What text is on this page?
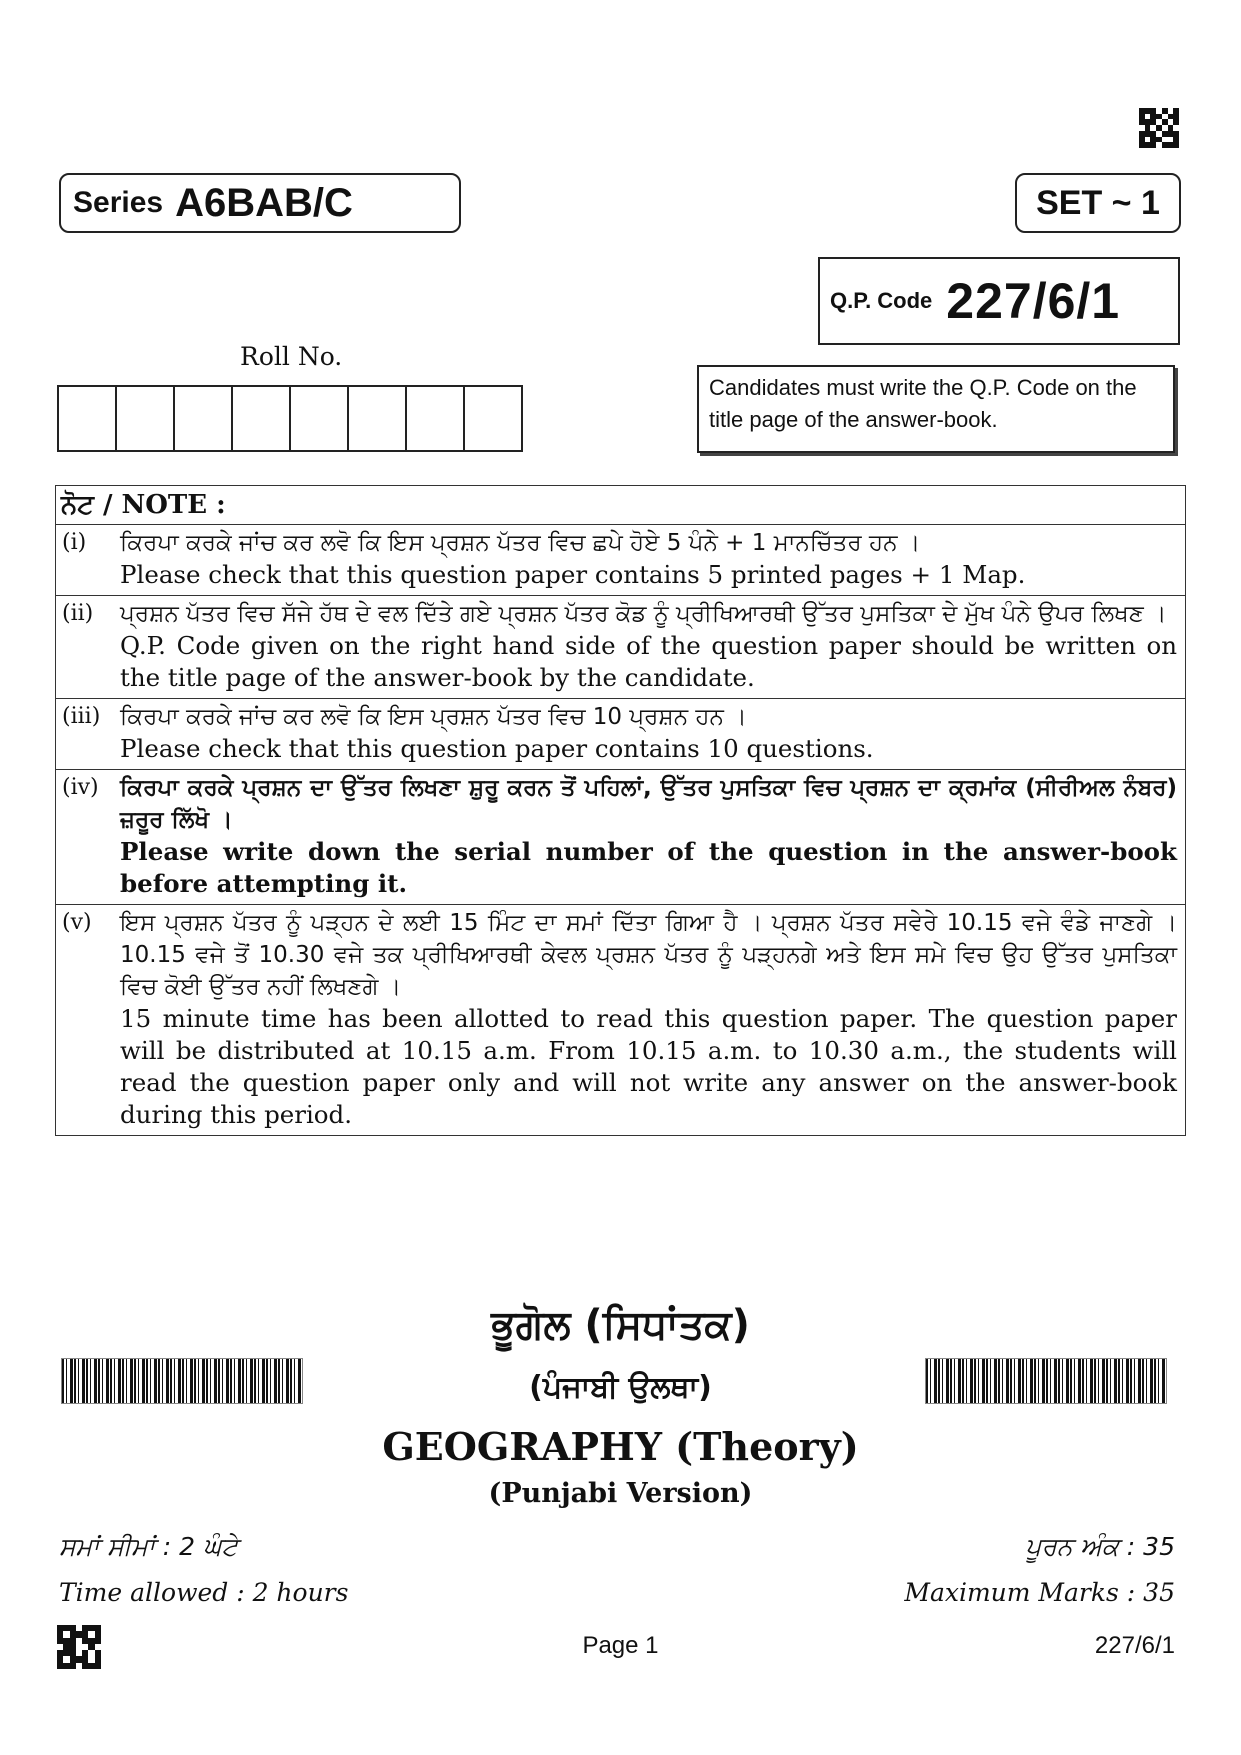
Series A6BAB/C	SET ~ 1
Q.P. Code 227/6/1
Roll No.
Candidates must write the Q.P. Code on the title page of the answer-book.
ਨੋਟ / NOTE :
(i)	ਕਿਰਪਾ ਕਰਕੇ ਜਾਂਚ ਕਰ ਲਵੋ ਕਿ ਇਸ ਪ੍ਰਸ਼ਨ ਪੱਤਰ ਵਿਚ ਛਪੇ ਹੋਏ 5 ਪੰਨੇ + 1 ਮਾਨਚਿੱਤਰ ਹਨ ।

Please check that this question paper contains 5 printed pages + 1 Map.

(ii)	ਪ੍ਰਸ਼ਨ ਪੱਤਰ ਵਿਚ ਸੱਜੇ ਹੱਥ ਦੇ ਵਲ ਦਿੱਤੇ ਗਏ ਪ੍ਰਸ਼ਨ ਪੱਤਰ ਕੋਡ ਨੂੰ ਪ੍ਰੀਖਿਆਰਥੀ ਉੱਤਰ ਪੁਸਤਿਕਾ ਦੇ ਮੁੱਖ ਪੰਨੇ ਉਪਰ ਲਿਖਣ ।

Q.P. Code given on the right hand side of the question paper should be written on the title page of the answer-book by the candidate.

(iii) ਕਿਰਪਾ ਕਰਕੇ ਜਾਂਚ ਕਰ ਲਵੋ ਕਿ ਇਸ ਪ੍ਰਸ਼ਨ ਪੱਤਰ ਵਿਚ 10 ਪ੍ਰਸ਼ਨ ਹਨ ।

Please check that this question paper contains 10 questions.

(iv) ਕਿਰਪਾ ਕਰਕੇ ਪ੍ਰਸ਼ਨ ਦਾ ਉੱਤਰ ਲਿਖਣਾ ਸ਼ੁਰੂ ਕਰਨ ਤੋਂ ਪਹਿਲਾਂ, ਉੱਤਰ ਪੁਸਤਿਕਾ ਵਿਚ ਪ੍ਰਸ਼ਨ ਦਾ ਕ੍ਰਮਾਂਕ (ਸੀਰੀਅਲ ਨੰਬਰ) ਜ਼ਰੂਰ ਲਿੱਖੋ ।

Please write down the serial number of the question in the answer-book before attempting it.

(v)	ਇਸ ਪ੍ਰਸ਼ਨ ਪੱਤਰ ਨੂੰ ਪੜ੍ਹਨ ਦੇ ਲਈ 15 ਮਿੰਟ ਦਾ ਸਮਾਂ ਦਿੱਤਾ ਗਿਆ ਹੈ । ਪ੍ਰਸ਼ਨ ਪੱਤਰ ਸਵੇਰੇ 10.15 ਵਜੇ ਵੰਡੇ ਜਾਣਗੇ । 10.15 ਵਜੇ ਤੋਂ 10.30 ਵਜੇ ਤਕ ਪ੍ਰੀਖਿਆਰਥੀ ਕੇਵਲ ਪ੍ਰਸ਼ਨ ਪੱਤਰ ਨੂੰ ਪੜ੍ਹਨਗੇ ਅਤੇ ਇਸ ਸਮੇ ਵਿਚ ਉਹ ਉੱਤਰ ਪੁਸਤਿਕਾ ਵਿਚ ਕੋਈ ਉੱਤਰ ਨਹੀਂ ਲਿਖਣਗੇ ।

15 minute time has been allotted to read this question paper. The question paper will be distributed at 10.15 a.m. From 10.15 a.m. to 10.30 a.m., the students will read the question paper only and will not write any answer on the answer-book during this period.

ਭੂਗੋਲ (ਸਿਧਾਂਤਕ)
(ਪੰਜਾਬੀ ਉਲਥਾ)
GEOGRAPHY (Theory)
(Punjabi Version)
ਸਮਾਂ ਸੀਮਾਂ : 2 ਘੰਟੇ	ਪੂਰਨ ਅੰਕ : 35
Time allowed : 2 hours	Maximum Marks : 35
Page 1	227/6/1
